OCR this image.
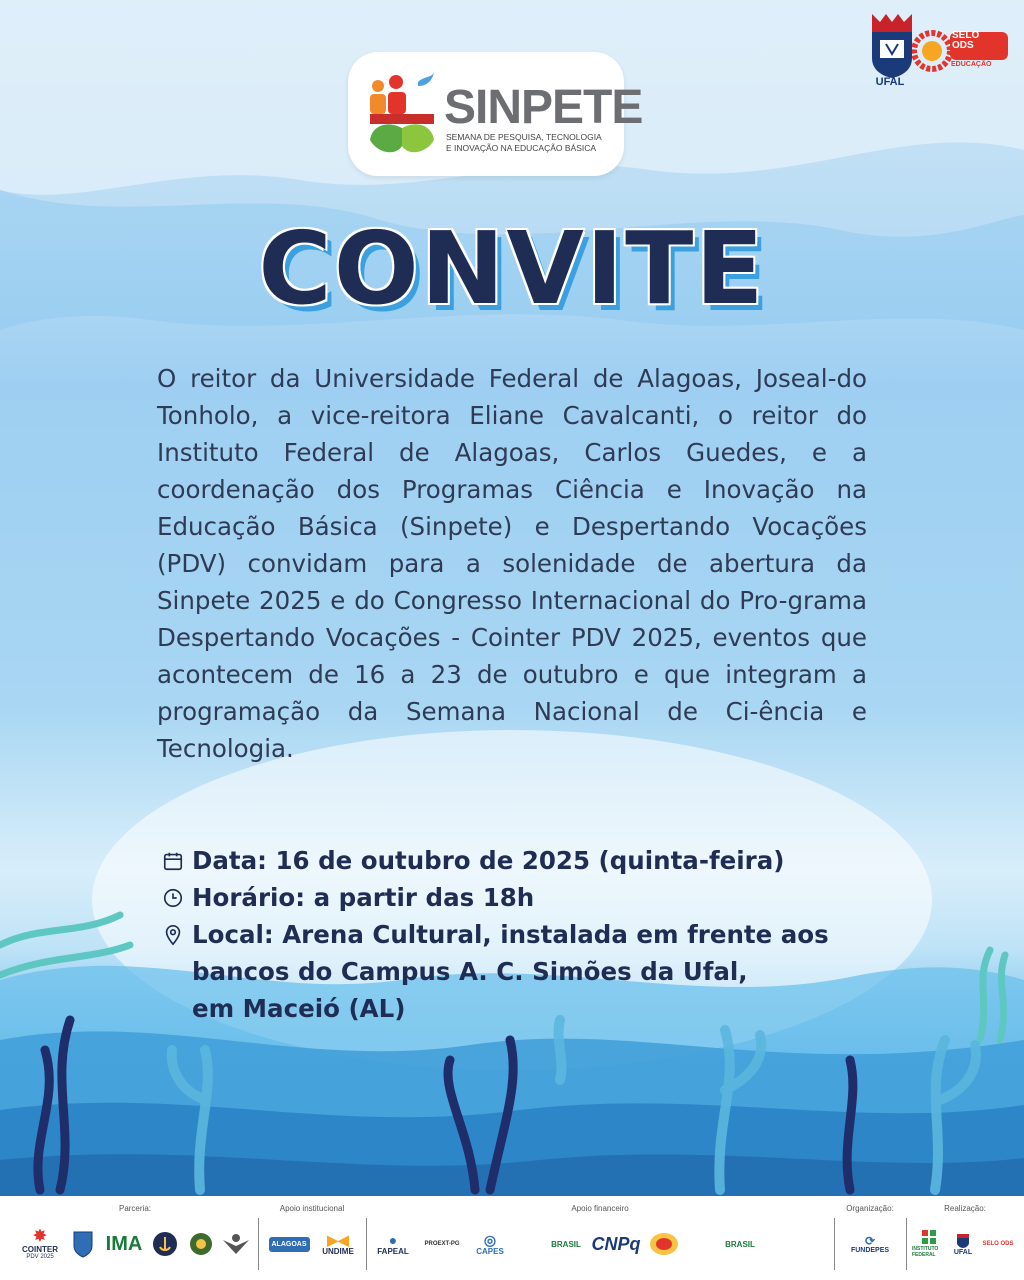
SINPETE
SEMANA DE PESQUISA, TECNOLOGIA
E INOVAÇÃO NA EDUCAÇÃO BÁSICA
UFAL
SELO
ODS
EDUCAÇÃO
CONVITE
O reitor da Universidade Federal de Alagoas, Joseal-do Tonholo, a vice-reitora Eliane Cavalcanti, o reitor do Instituto Federal de Alagoas, Carlos Guedes, e a coordenação dos Programas Ciência e Inovação na Educação Básica (Sinpete) e Despertando Vocações (PDV) convidam para a solenidade de abertura da Sinpete 2025 e do Congresso Internacional do Pro-grama Despertando Vocações - Cointer PDV 2025, eventos que acontecem de 16 a 23 de outubro e que integram a programação da Semana Nacional de Ci-ência e Tecnologia.
Data: 16 de outubro de 2025 (quinta-feira)
Horário: a partir das 18h
Local: Arena Cultural, instalada em frente aos
bancos do Campus A. C. Simões da Ufal,
em Maceió (AL)
Parceria:
✸
COINTER
PDV 2025
IMA
Apoio institucional
ALAGOAS ▶◀
UNDIME
Apoio financeiro
●
FAPEAL
PROEXT-PG	◎
CAPES
BRASIL CNPq	BRASIL
Organização:
⟳
FUNDEPES
Realização:
INSTITUTO FEDERAL	UFAL
SELO ODS
